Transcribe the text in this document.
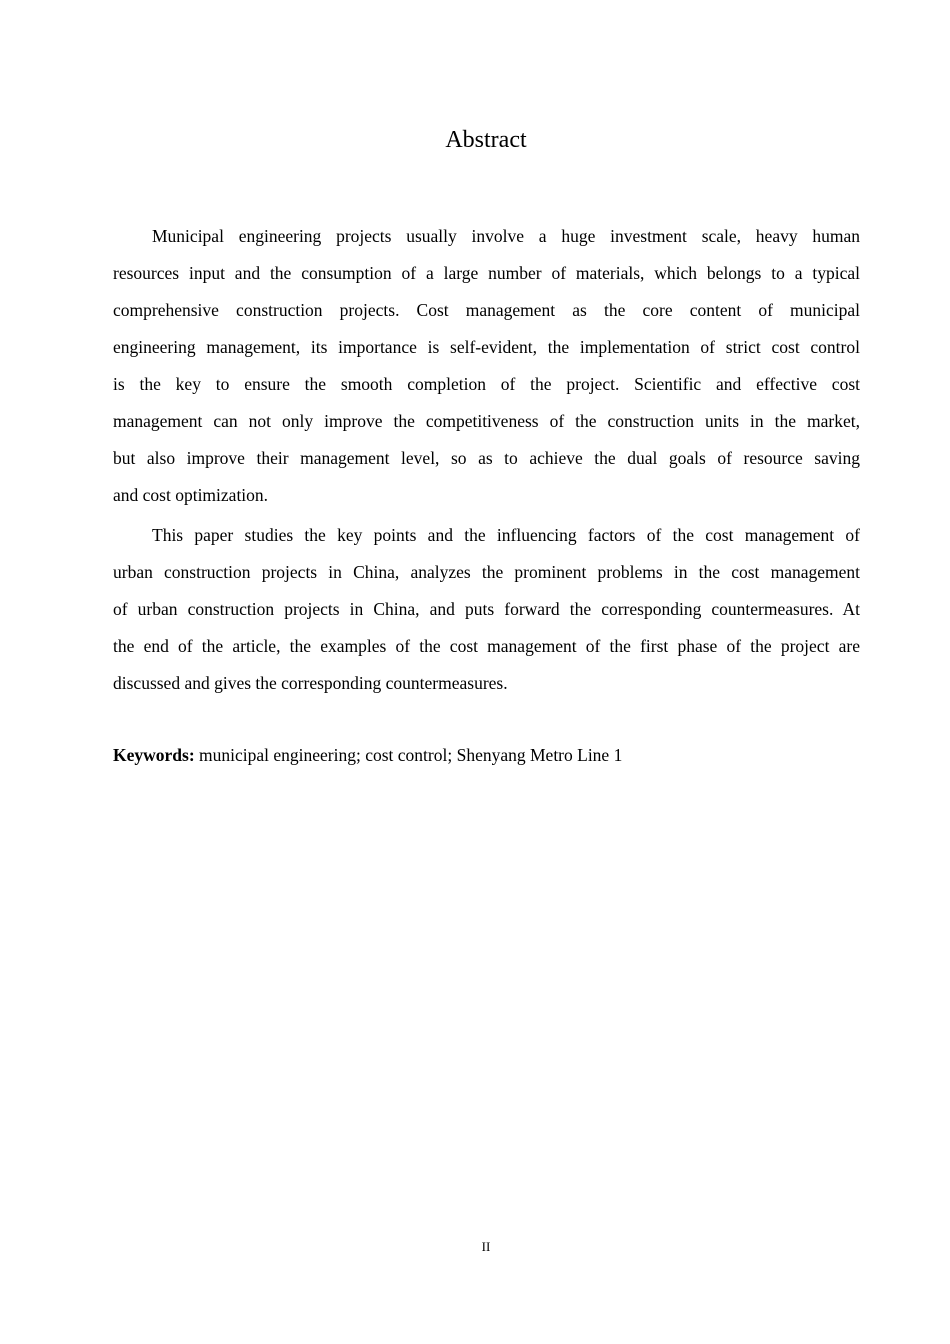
Abstract
Municipal engineering projects usually involve a huge investment scale, heavy human
resources input and the consumption of a large number of materials, which belongs to a typical
comprehensive construction projects. Cost management as the core content of municipal
engineering management, its importance is self-evident, the implementation of strict cost control
is the key to ensure the smooth completion of the project. Scientific and effective cost
management can not only improve the competitiveness of the construction units in the market,
but also improve their management level, so as to achieve the dual goals of resource saving
and cost optimization.
This paper studies the key points and the influencing factors of the cost management of
urban construction projects in China, analyzes the prominent problems in the cost management
of urban construction projects in China, and puts forward the corresponding countermeasures. At
the end of the article, the examples of the cost management of the first phase of the project are
discussed and gives the corresponding countermeasures.
Keywords: municipal engineering; cost control; Shenyang Metro Line 1
II
